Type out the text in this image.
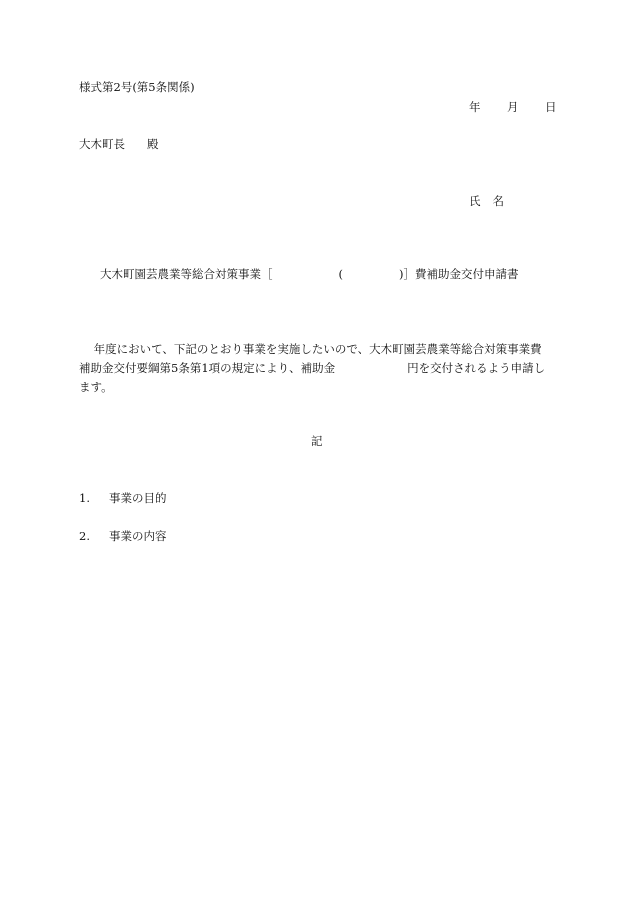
様式第2号(第5条関係)
年 月 日
大木町長 殿
氏 名
大木町園芸農業等総合対策事業［	(	)］費補助金交付申請書
年度において、下記のとおり事業を実施したいので、大木町園芸農業等総合対策事業費
補助金交付要綱第5条第1項の規定により、補助金	円を交付されるよう申請し
ます。
記
1. 事業の目的
2. 事業の内容
